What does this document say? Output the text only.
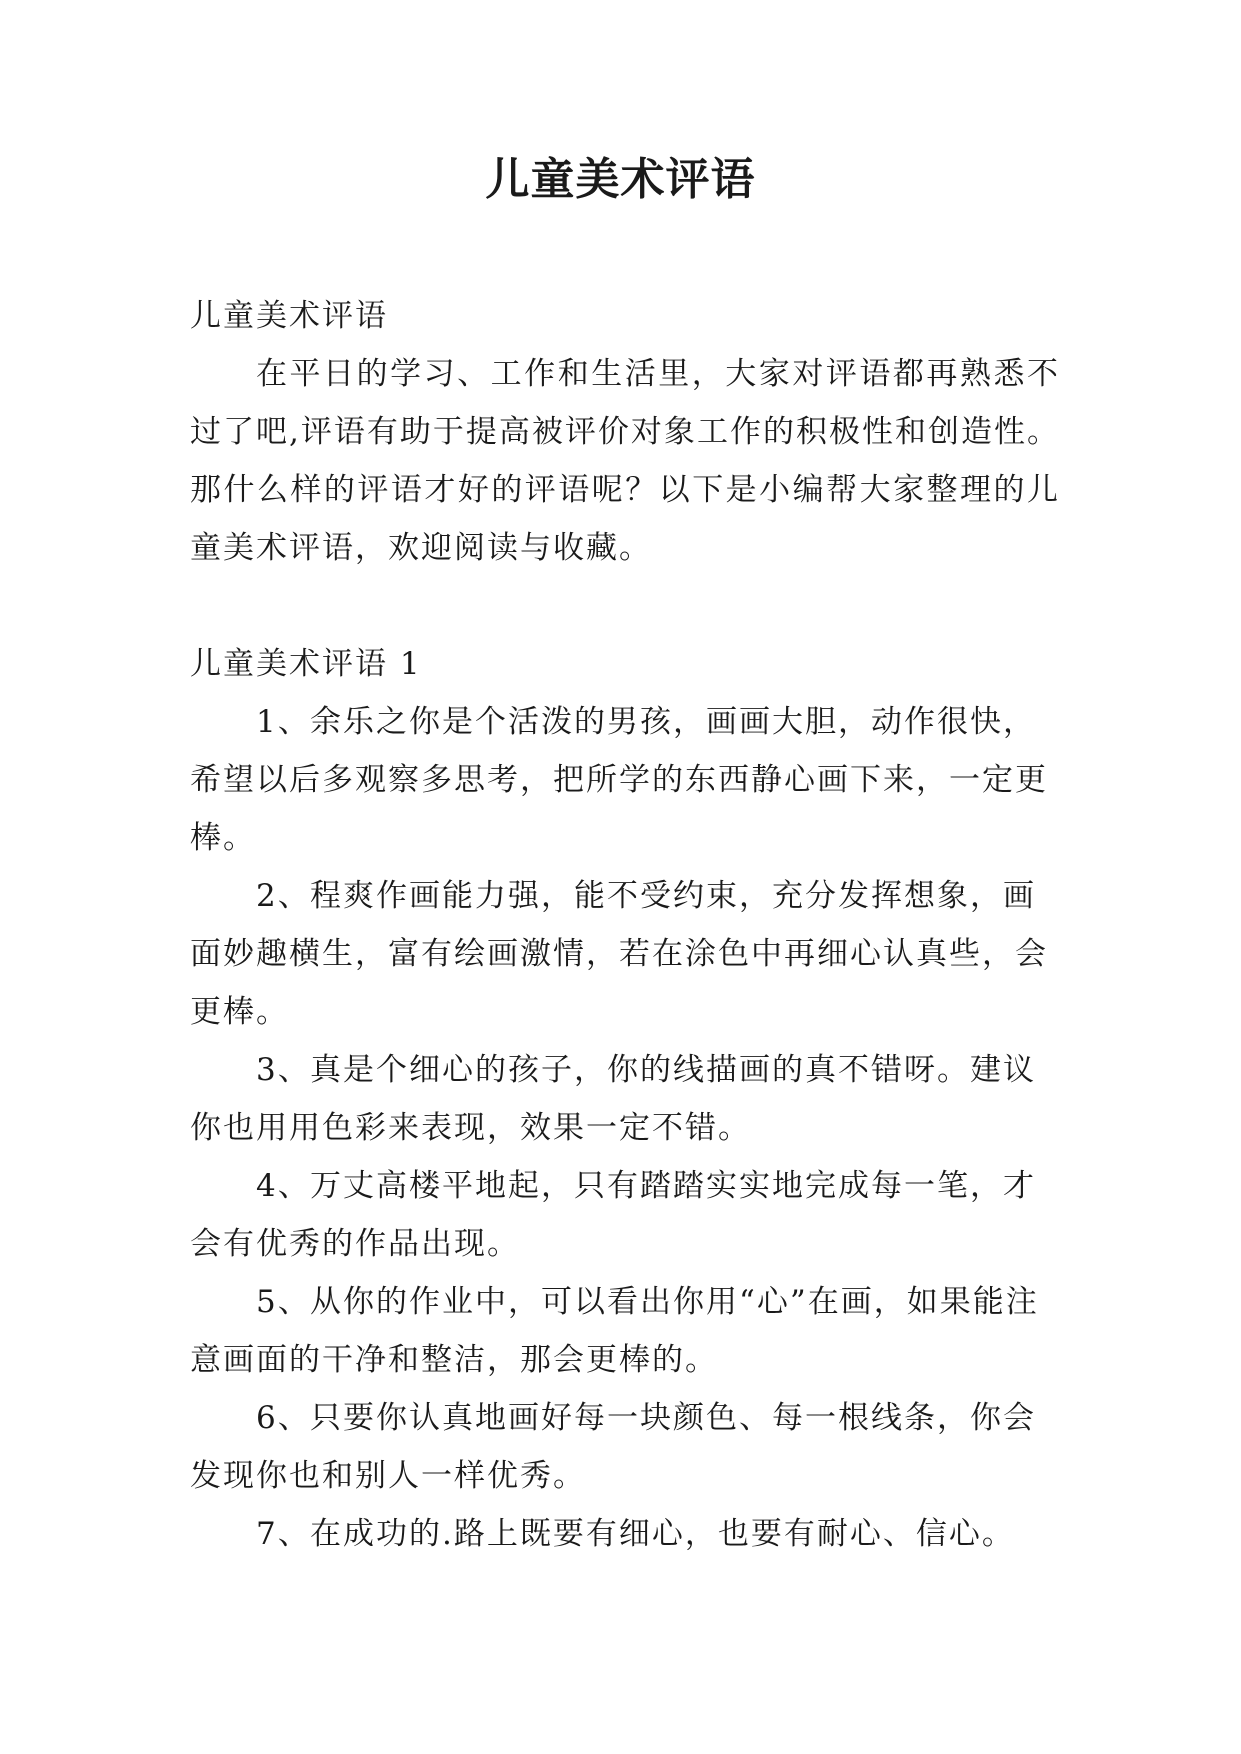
儿童美术评语

儿童美术评语

在平日的学习、工作和生活里，大家对评语都再熟悉不过了吧,评语有助于提高被评价对象工作的积极性和创造性。那什么样的评语才好的评语呢？以下是小编帮大家整理的儿童美术评语，欢迎阅读与收藏。

儿童美术评语 1

1、余乐之你是个活泼的男孩，画画大胆，动作很快，希望以后多观察多思考，把所学的东西静心画下来，一定更棒。

2、程爽作画能力强，能不受约束，充分发挥想象，画面妙趣横生，富有绘画激情，若在涂色中再细心认真些，会更棒。

3、真是个细心的孩子，你的线描画的真不错呀。建议你也用用色彩来表现，效果一定不错。

4、万丈高楼平地起，只有踏踏实实地完成每一笔，才会有优秀的作品出现。

5、从你的作业中，可以看出你用“心”在画，如果能注意画面的干净和整洁，那会更棒的。

6、只要你认真地画好每一块颜色、每一根线条，你会发现你也和别人一样优秀。

7、在成功的.路上既要有细心，也要有耐心、信心。
